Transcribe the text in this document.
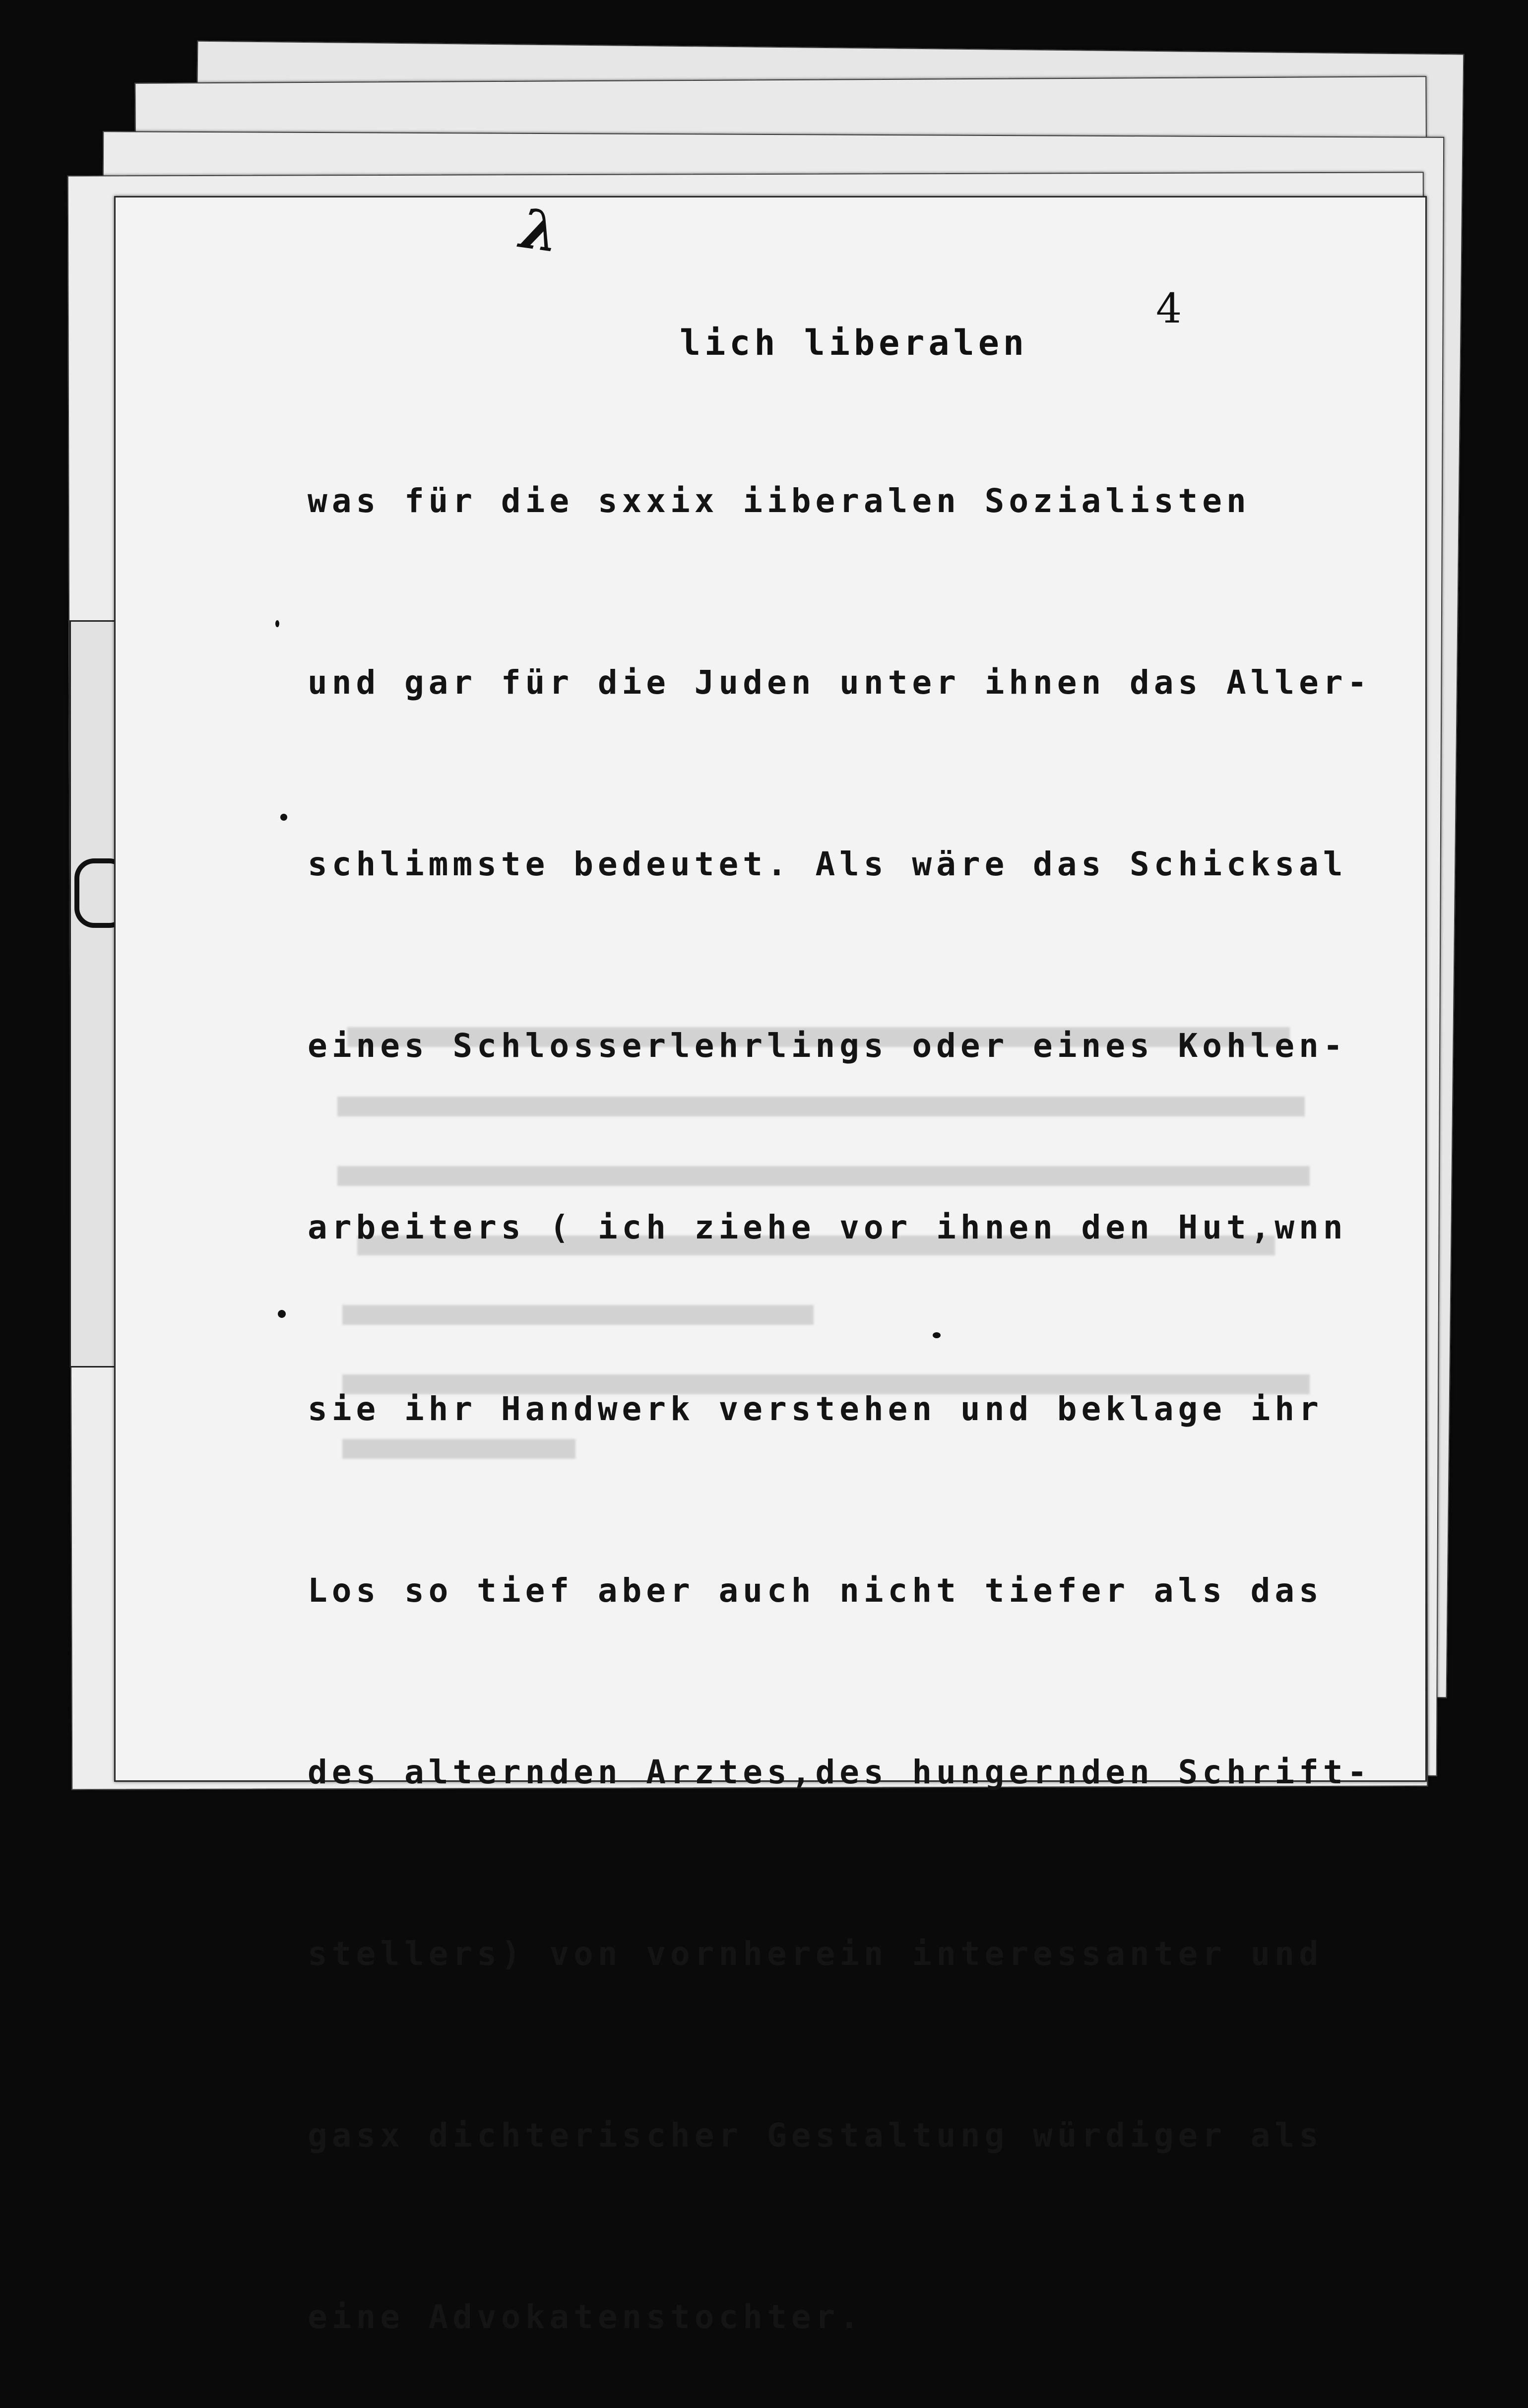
λ
4
lich liberalen

was für die sxxix iiberalen Sozialisten

und gar für die Juden unter ihnen das Aller-

schlimmste bedeutet. Als wäre das Schicksal

eines Schlosserlehrlings oder eines Kohlen-

arbeiters ( ich ziehe vor ihnen den Hut,wnn

sie ihr Handwerk verstehen und beklage ihr

Los so tief aber auch nicht tiefer als das

des alternden Arztes,des hungernden Schrift-

stellers) von vornherein interessanter und

gasx dichterischer Gestaltung würdiger als

eine Advokatenstochter.
